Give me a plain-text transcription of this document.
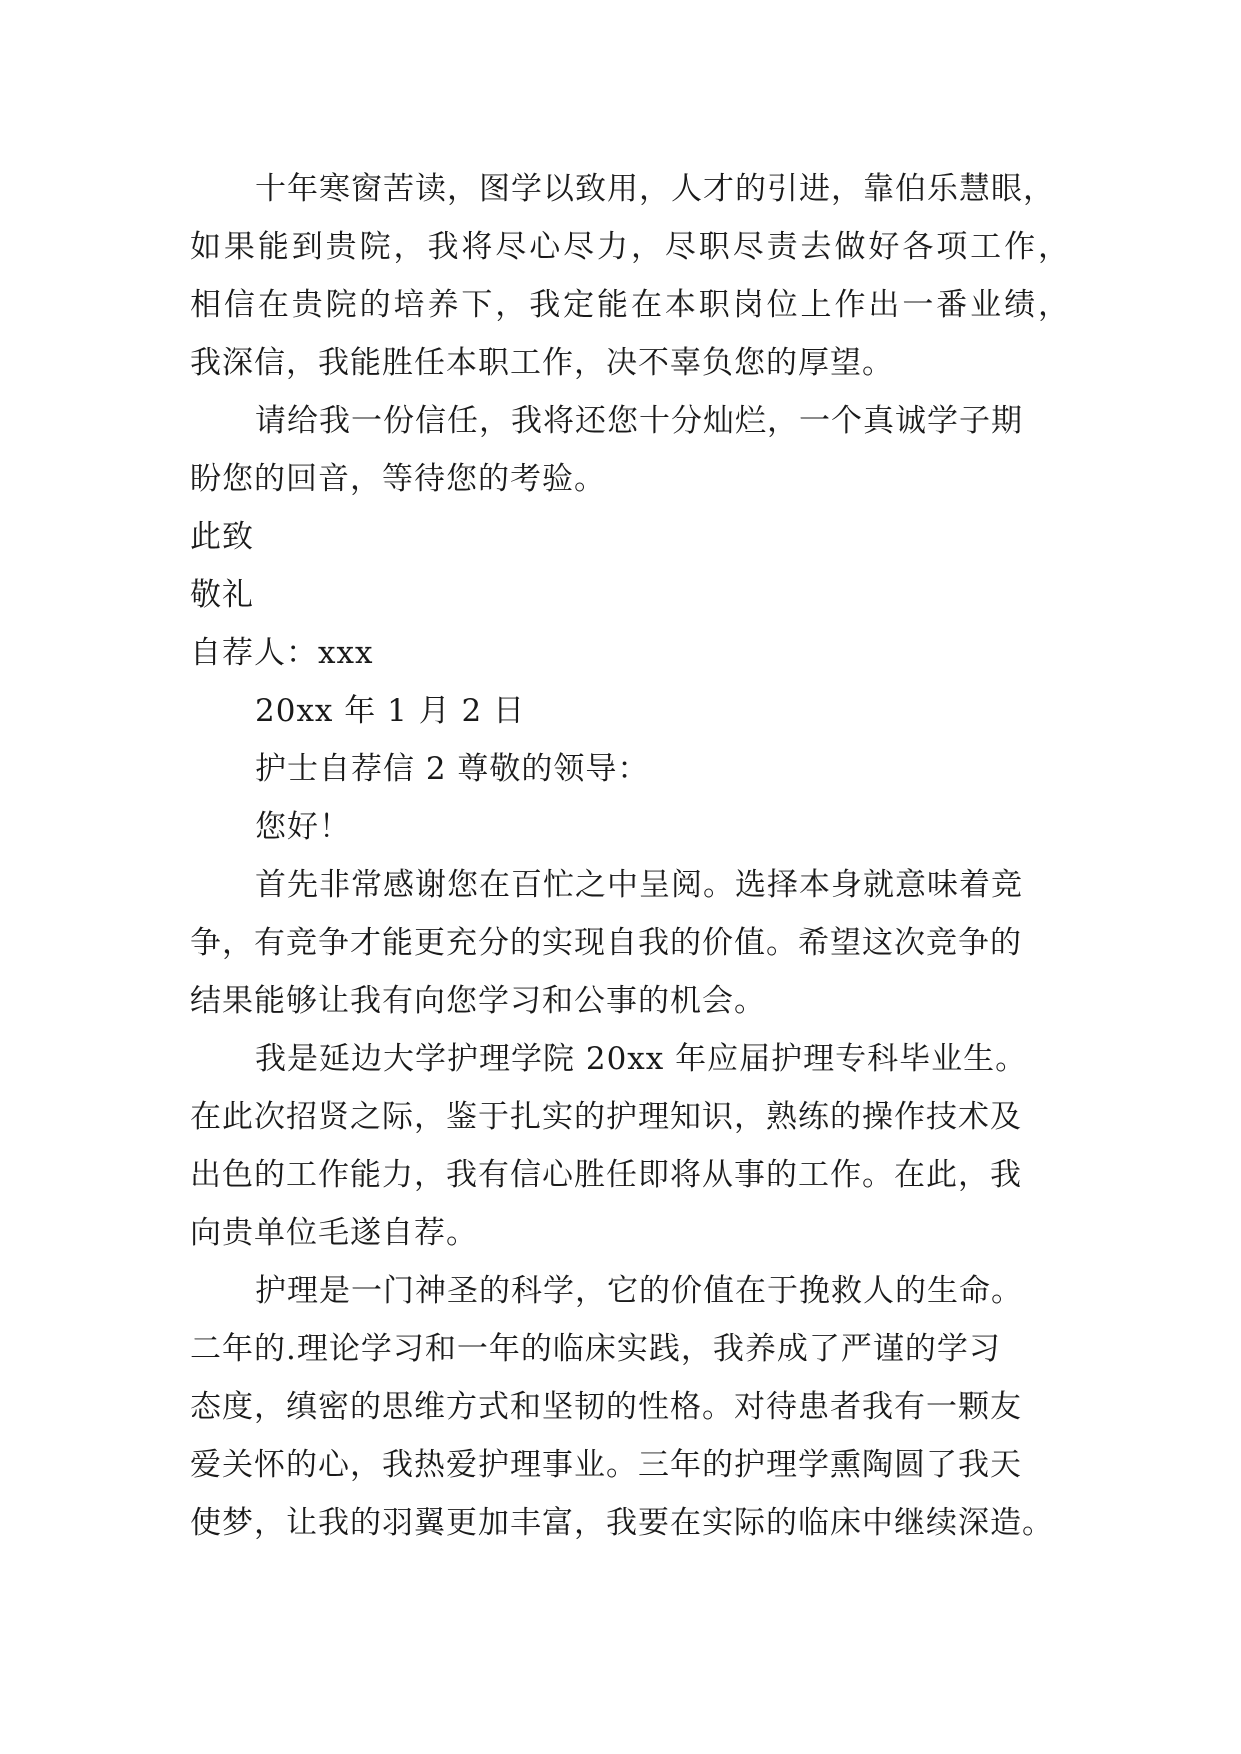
十年寒窗苦读，图学以致用，人才的引进，靠伯乐慧眼，
如果能到贵院，我将尽心尽力，尽职尽责去做好各项工作，
相信在贵院的培养下，我定能在本职岗位上作出一番业绩，
我深信，我能胜任本职工作，决不辜负您的厚望。
请给我一份信任，我将还您十分灿烂，一个真诚学子期
盼您的回音，等待您的考验。
此致
敬礼
自荐人：xxx
20xx 年 1 月 2 日
护士自荐信 2 尊敬的领导：
您好！
首先非常感谢您在百忙之中呈阅。选择本身就意味着竞
争，有竞争才能更充分的实现自我的价值。希望这次竞争的
结果能够让我有向您学习和公事的机会。
我是延边大学护理学院 20xx 年应届护理专科毕业生。
在此次招贤之际，鉴于扎实的护理知识，熟练的操作技术及
出色的工作能力，我有信心胜任即将从事的工作。在此，我
向贵单位毛遂自荐。
护理是一门神圣的科学，它的价值在于挽救人的生命。
二年的.理论学习和一年的临床实践，我养成了严谨的学习
态度，缜密的思维方式和坚韧的性格。对待患者我有一颗友
爱关怀的心，我热爱护理事业。三年的护理学熏陶圆了我天
使梦，让我的羽翼更加丰富，我要在实际的临床中继续深造。
